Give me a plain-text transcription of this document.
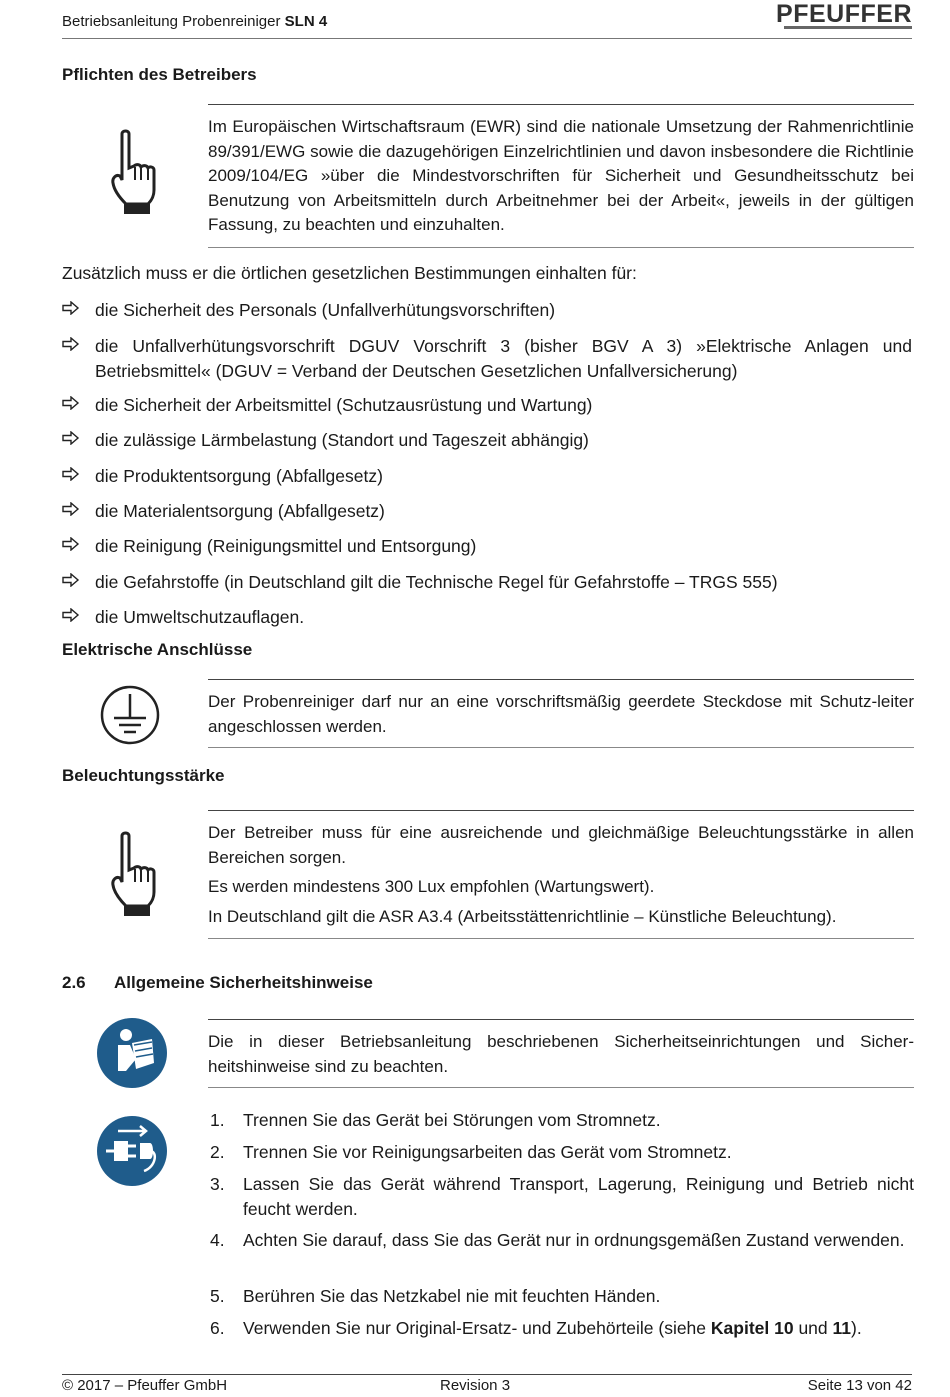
Betriebsanleitung Probenreiniger SLN 4	PFEUFFER
Pflichten des Betreibers

Im Europäischen Wirtschaftsraum (EWR) sind die nationale Umsetzung der Rahmenrichtlinie 89/391/EWG sowie die dazugehörigen Einzelrichtlinien und davon insbesondere die Richtlinie 2009/104/EG »über die Mindestvorschriften für Sicherheit und Gesundheitsschutz bei Benutzung von Arbeitsmitteln durch Arbeitnehmer bei der Arbeit«, jeweils in der gültigen Fassung, zu beachten und einzuhalten.

Zusätzlich muss er die örtlichen gesetzlichen Bestimmungen einhalten für:
die Sicherheit des Personals (Unfallverhütungsvorschriften)
die Unfallverhütungsvorschrift DGUV Vorschrift 3 (bisher BGV A 3) »Elektrische Anlagen und Betriebsmittel« (DGUV = Verband der Deutschen Gesetzlichen Unfallversicherung)
die Sicherheit der Arbeitsmittel (Schutzausrüstung und Wartung)
die zulässige Lärmbelastung (Standort und Tageszeit abhängig)
die Produktentsorgung (Abfallgesetz)
die Materialentsorgung (Abfallgesetz)
die Reinigung (Reinigungsmittel und Entsorgung)
die Gefahrstoffe (in Deutschland gilt die Technische Regel für Gefahrstoffe – TRGS 555)
die Umweltschutzauflagen.
Elektrische Anschlüsse

Der Probenreiniger darf nur an eine vorschriftsmäßig geerdete Steckdose mit Schutz-leiter angeschlossen werden.

Beleuchtungsstärke

Der Betreiber muss für eine ausreichende und gleichmäßige Beleuchtungsstärke in allen Bereichen sorgen.

Es werden mindestens 300 Lux empfohlen (Wartungswert).

In Deutschland gilt die ASR A3.4 (Arbeitsstättenrichtlinie – Künstliche Beleuchtung).

2.6 Allgemeine Sicherheitshinweise

Die in dieser Betriebsanleitung beschriebenen Sicherheitseinrichtungen und Sicher-heitshinweise sind zu beachten.

1. Trennen Sie das Gerät bei Störungen vom Stromnetz.
2. Trennen Sie vor Reinigungsarbeiten das Gerät vom Stromnetz.
3. Lassen Sie das Gerät während Transport, Lagerung, Reinigung und Betrieb nicht feucht werden.
4. Achten Sie darauf, dass Sie das Gerät nur in ordnungsgemäßen Zustand verwenden.
5. Berühren Sie das Netzkabel nie mit feuchten Händen.
6. Verwenden Sie nur Original-Ersatz- und Zubehörteile (siehe Kapitel 10 und 11).
© 2017 – Pfeuffer GmbH	Revision 3	Seite 13 von 42
